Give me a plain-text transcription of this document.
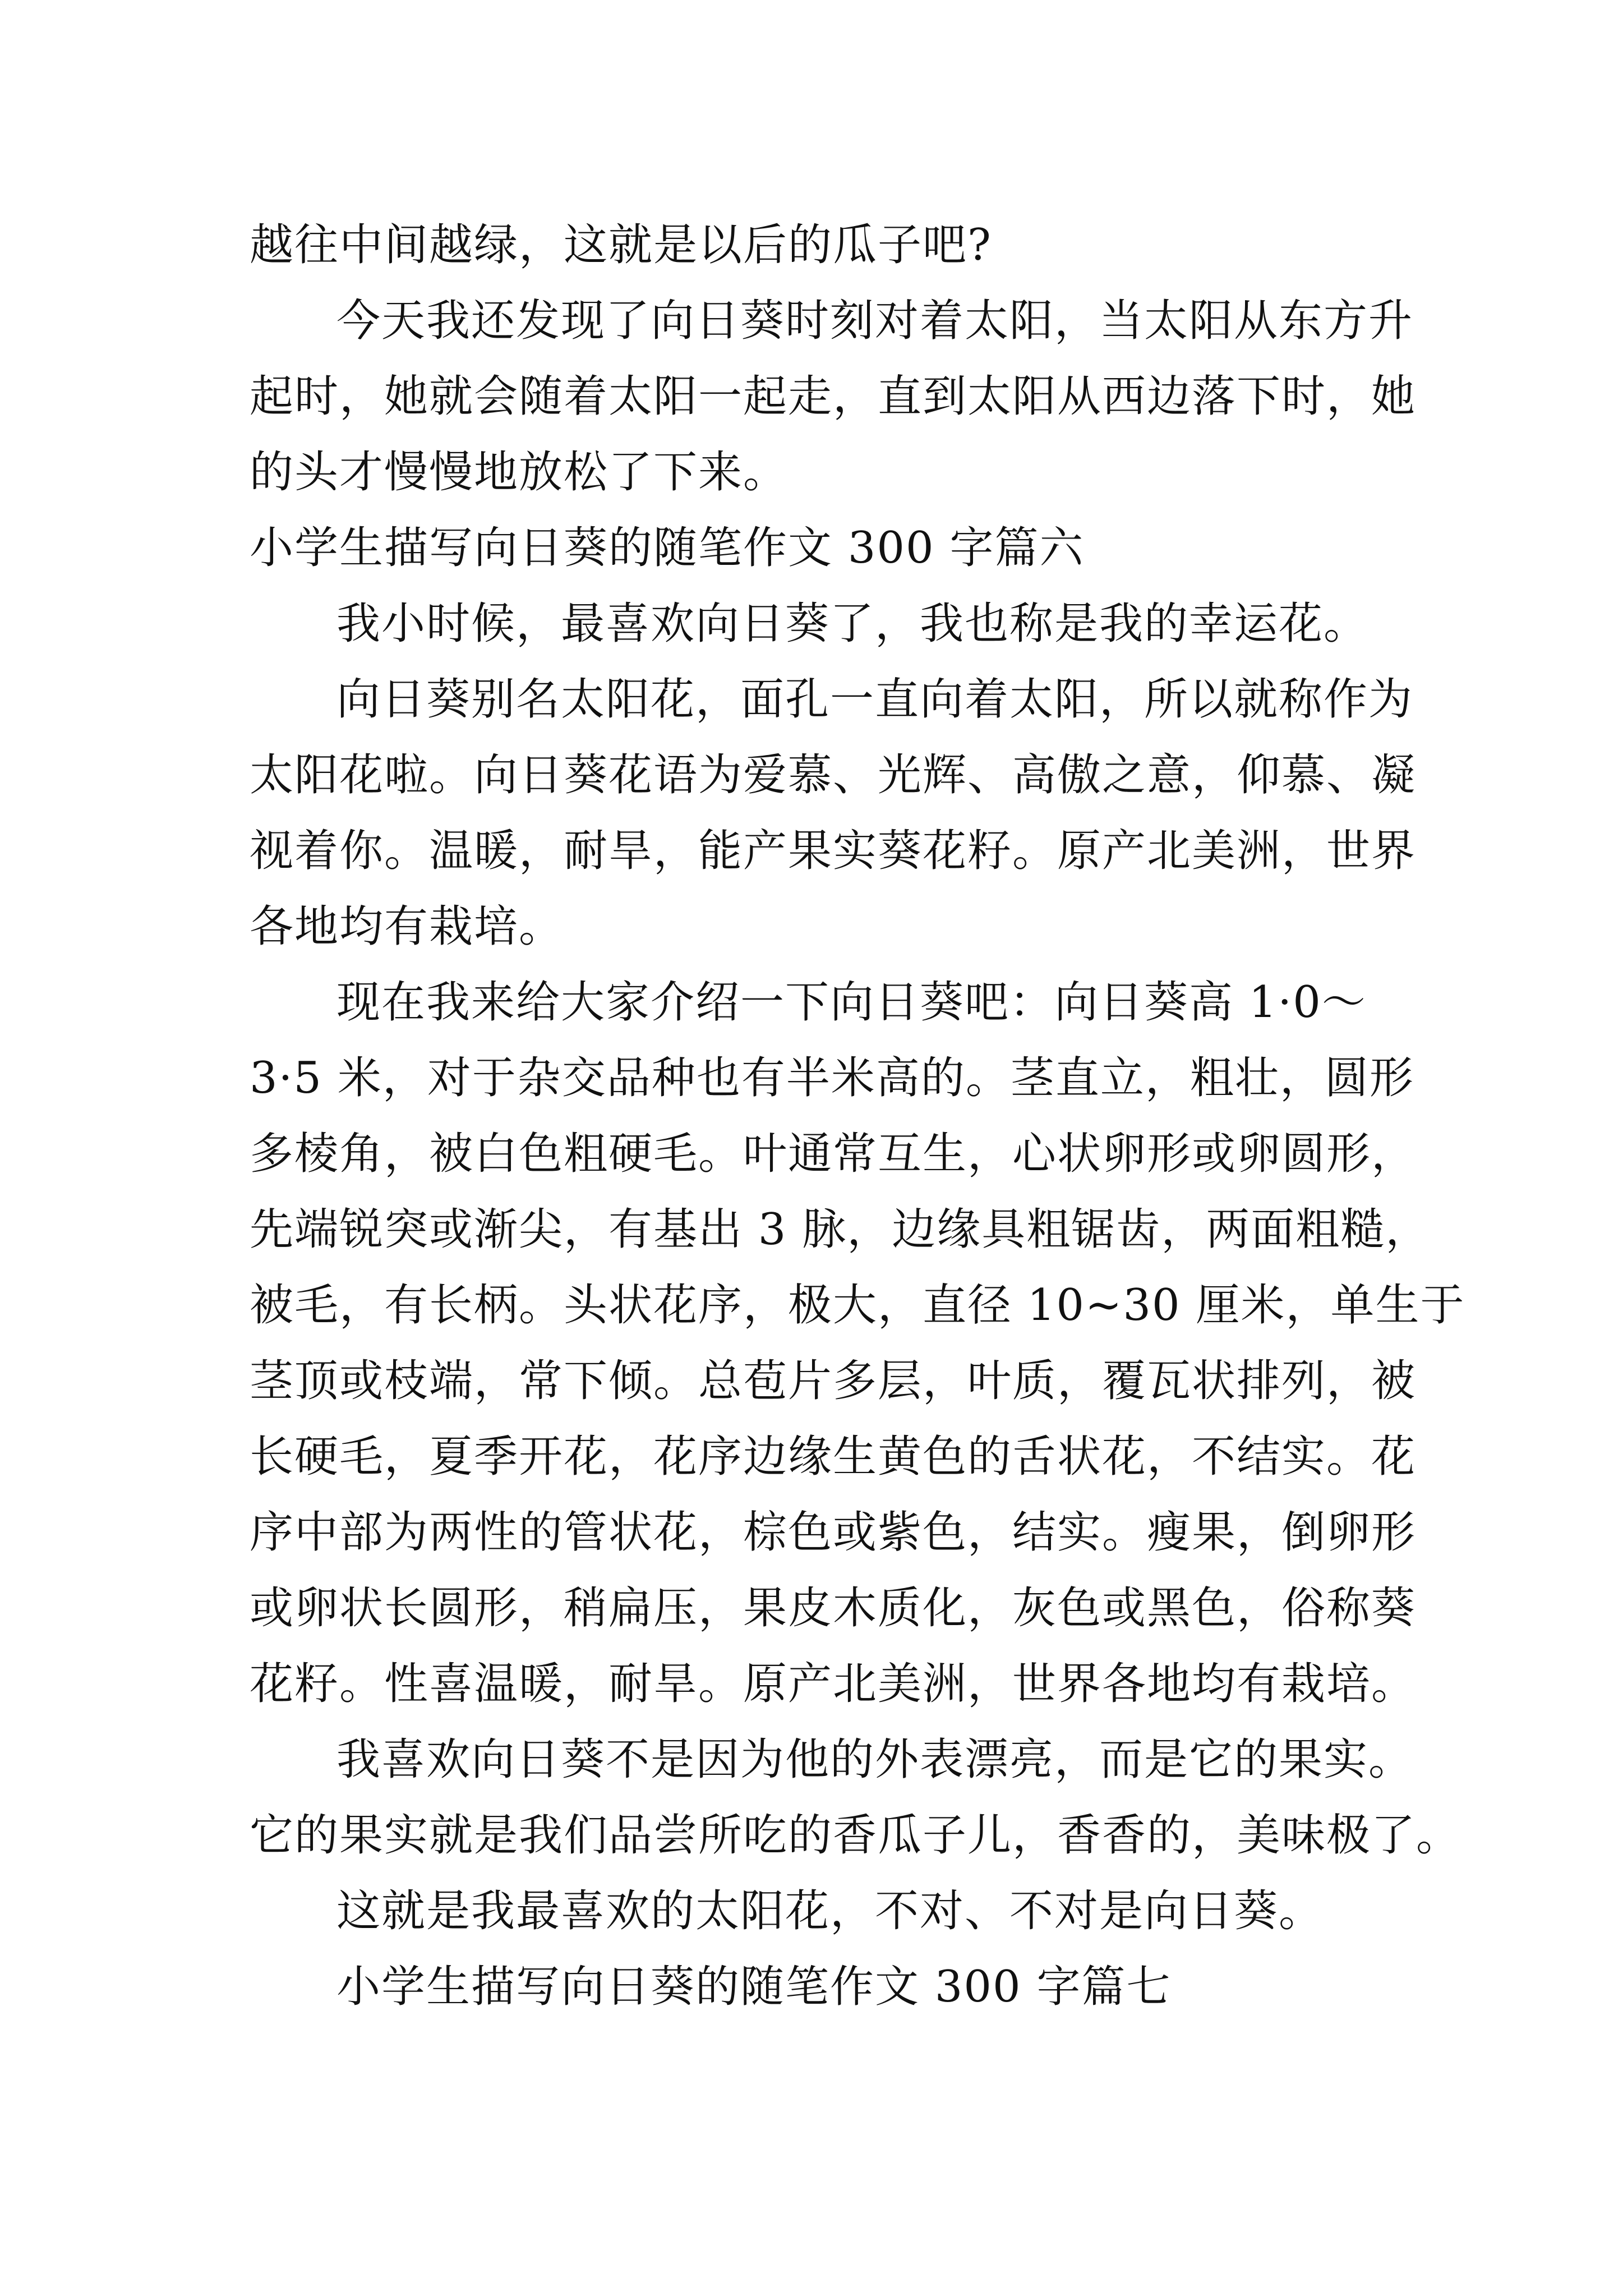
越往中间越绿，这就是以后的瓜子吧?
今天我还发现了向日葵时刻对着太阳，当太阳从东方升
起时，她就会随着太阳一起走，直到太阳从西边落下时，她
的头才慢慢地放松了下来。
小学生描写向日葵的随笔作文 300 字篇六
我小时候，最喜欢向日葵了，我也称是我的幸运花。
向日葵别名太阳花，面孔一直向着太阳，所以就称作为
太阳花啦。向日葵花语为爱慕、光辉、高傲之意，仰慕、凝
视着你。温暖，耐旱，能产果实葵花籽。原产北美洲，世界
各地均有栽培。
现在我来给大家介绍一下向日葵吧：向日葵高 1·0～
3·5 米，对于杂交品种也有半米高的。茎直立，粗壮，圆形
多棱角，被白色粗硬毛。叶通常互生，心状卵形或卵圆形，
先端锐突或渐尖，有基出 3 脉，边缘具粗锯齿，两面粗糙，
被毛，有长柄。头状花序，极大，直径 10~30 厘米，单生于
茎顶或枝端，常下倾。总苞片多层，叶质，覆瓦状排列，被
长硬毛，夏季开花，花序边缘生黄色的舌状花，不结实。花
序中部为两性的管状花，棕色或紫色，结实。瘦果，倒卵形
或卵状长圆形，稍扁压，果皮木质化，灰色或黑色，俗称葵
花籽。性喜温暖，耐旱。原产北美洲，世界各地均有栽培。
我喜欢向日葵不是因为他的外表漂亮，而是它的果实。
它的果实就是我们品尝所吃的香瓜子儿，香香的，美味极了。
这就是我最喜欢的太阳花，不对、不对是向日葵。
小学生描写向日葵的随笔作文 300 字篇七
